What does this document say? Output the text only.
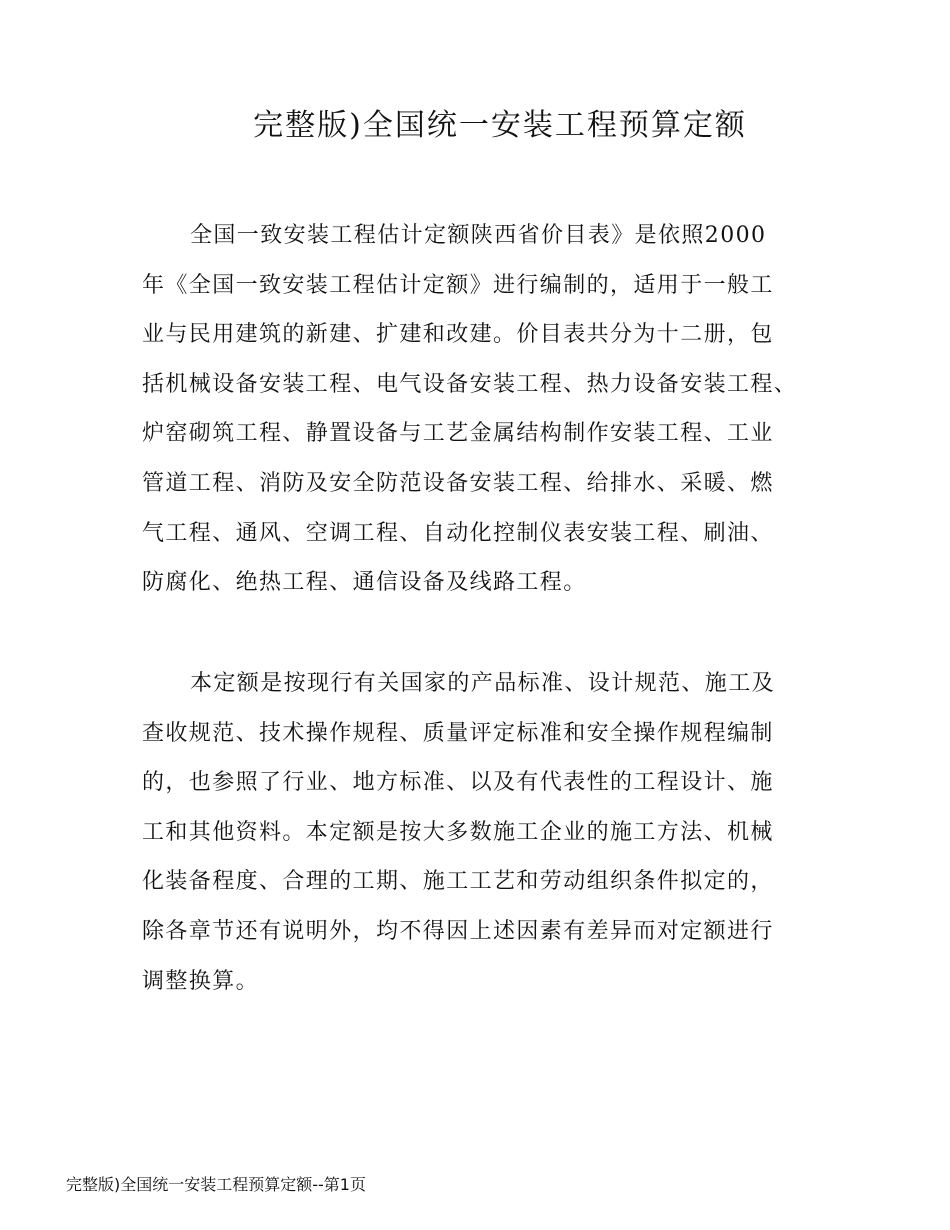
完整版)全国统一安装工程预算定额
全国一致安装工程估计定额陕西省价目表》是依照2000
年《全国一致安装工程估计定额》进行编制的，适用于一般工
业与民用建筑的新建、扩建和改建。价目表共分为十二册，包
括机械设备安装工程、电气设备安装工程、热力设备安装工程、
炉窑砌筑工程、静置设备与工艺金属结构制作安装工程、工业
管道工程、消防及安全防范设备安装工程、给排水、采暖、燃
气工程、通风、空调工程、自动化控制仪表安装工程、刷油、
防腐化、绝热工程、通信设备及线路工程。
本定额是按现行有关国家的产品标准、设计规范、施工及
查收规范、技术操作规程、质量评定标准和安全操作规程编制
的，也参照了行业、地方标准、以及有代表性的工程设计、施
工和其他资料。本定额是按大多数施工企业的施工方法、机械
化装备程度、合理的工期、施工工艺和劳动组织条件拟定的，
除各章节还有说明外，均不得因上述因素有差异而对定额进行
调整换算。
完整版)全国统一安装工程预算定额--第1页
